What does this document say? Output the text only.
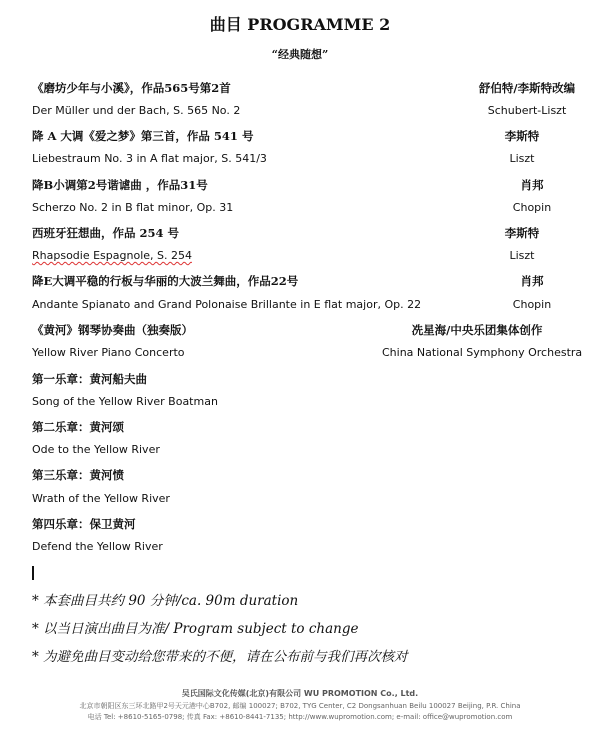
曲目 PROGRAMME 2
“经典随想”
《磨坊少年与小溪》，作品565号第2首	舒伯特/李斯特改编
Der Müller und der Bach, S. 565 No. 2	Schubert-Liszt
降 A 大调《爱之梦》第三首，作品 541 号	李斯特
Liebestraum No. 3 in A flat major, S. 541/3	Liszt
降B小调第2号谐谑曲 ，作品31号	肖邦
Scherzo No. 2 in B flat minor, Op. 31	Chopin
西班牙狂想曲，作品 254 号	李斯特
Rhapsodie Espagnole, S. 254	Liszt
降E大调平稳的行板与华丽的大波兰舞曲，作品22号	肖邦
Andante Spianato and Grand Polonaise Brillante in E flat major, Op. 22	Chopin
《黄河》钢琴协奏曲（独奏版）	冼星海/中央乐团集体创作
Yellow River Piano Concerto	China National Symphony Orchestra
第一乐章：黄河船夫曲
Song of the Yellow River Boatman
第二乐章：黄河颂
Ode to the Yellow River
第三乐章：黄河愤
Wrath of the Yellow River
第四乐章：保卫黄河
Defend the Yellow River
* 本套曲目共约 90 分钟/ca. 90m duration
* 以当日演出曲目为准/ Program subject to change
* 为避免曲目变动给您带来的不便，请在公布前与我们再次核对
吴氏国际文化传媒(北京)有限公司 WU PROMOTION Co., Ltd.
北京市朝阳区东三环北路甲2号天元港中心B702, 邮编 100027; B702, TYG Center, C2 Dongsanhuan Beilu 100027 Beijing, P.R. China
电话 Tel: +8610-5165-0798; 传真 Fax: +8610-8441-7135; http://www.wupromotion.com; e-mail: office@wupromotion.com
